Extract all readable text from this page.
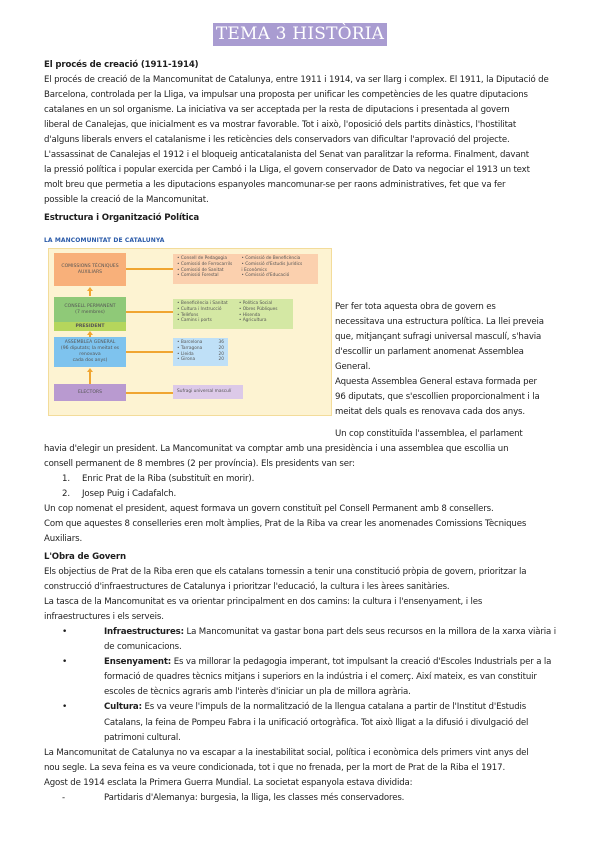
TEMA 3 HISTÒRIA

El procés de creació (1911-1914)

El procés de creació de la Mancomunitat de Catalunya, entre 1911 i 1914, va ser llarg i complex. El 1911, la Diputació de

Barcelona, controlada per la Lliga, va impulsar una proposta per unificar les competències de les quatre diputacions

catalanes en un sol organisme. La iniciativa va ser acceptada per la resta de diputacions i presentada al govern

liberal de Canalejas, que inicialment es va mostrar favorable. Tot i això, l'oposició dels partits dinàstics, l'hostilitat

d'alguns liberals envers el catalanisme i les reticències dels conservadors van dificultar l'aprovació del projecte.

L'assassinat de Canalejas el 1912 i el bloqueig anticatalanista del Senat van paralitzar la reforma. Finalment, davant

la pressió política i popular exercida per Cambó i la Lliga, el govern conservador de Dato va negociar el 1913 un text

molt breu que permetia a les diputacions espanyoles mancomunar-se per raons administratives, fet que va fer

possible la creació de la Mancomunitat.

Estructura i Organització Política

LA MANCOMUNITAT DE CATALUNYA
COMISSIONS TÈCNIQUES
AUXILIARS
• Consell de Pedagogia
• Comissió de Ferrocarrils
• Comissió de Sanitat
• Comissió Forestal

• Comissió de Beneficència
• Comissió d'Estudis Jurídics
i Econòmics
• Comissió d'Educació
CONSELL PERMANENT
(7 membres)
PRESIDENT
• Beneficència i Sanitat
• Cultura i Instrucció
• Telèfons
• Camins i ports

• Política Social
• Obres Públiques
• Hisenda
• Agricultura
ASSEMBLEA GENERAL
(96 diputats; la meitat es renovava
cada dos anys)
• Barcelona	36
• Tarragona	20
• Lleida	20
• Girona	20
ELECTORS	Sufragi universal masculí

Per fer tota aquesta obra de govern es

necessitava una estructura política. La llei preveia

que, mitjançant sufragi universal masculí, s'havia

d'escollir un parlament anomenat Assemblea

General.

Aquesta Assemblea General estava formada per

96 diputats, que s'escollien proporcionalment i la

meitat dels quals es renovava cada dos anys.

Un cop constituïda l'assemblea, el parlament

havia d'elegir un president. La Mancomunitat va comptar amb una presidència i una assemblea que escollia un

consell permanent de 8 membres (2 per província). Els presidents van ser:

1.	Enric Prat de la Riba (substituït en morir).
2.	Josep Puig i Cadafalch.

Un cop nomenat el president, aquest formava un govern constituït pel Consell Permanent amb 8 consellers.

Com que aquestes 8 conselleries eren molt àmplies, Prat de la Riba va crear les anomenades Comissions Tècniques

Auxiliars.

L'Obra de Govern

Els objectius de Prat de la Riba eren que els catalans tornessin a tenir una constitució pròpia de govern, prioritzar la

construcció d'infraestructures de Catalunya i prioritzar l'educació, la cultura i les àrees sanitàries.

La tasca de la Mancomunitat es va orientar principalment en dos camins: la cultura i l'ensenyament, i les

infraestructures i els serveis.

•	Infraestructures: La Mancomunitat va gastar bona part dels seus recursos en la millora de la xarxa viària i
de comunicacions.
•	Ensenyament: Es va millorar la pedagogia imperant, tot impulsant la creació d'Escoles Industrials per a la
formació de quadres tècnics mitjans i superiors en la indústria i el comerç. Així mateix, es van constituir
escoles de tècnics agraris amb l'interès d'iniciar un pla de millora agrària.
•	Cultura: Es va veure l'impuls de la normalització de la llengua catalana a partir de l'Institut d'Estudis
Catalans, la feina de Pompeu Fabra i la unificació ortogràfica. Tot això lligat a la difusió i divulgació del
patrimoni cultural.

La Mancomunitat de Catalunya no va escapar a la inestabilitat social, política i econòmica dels primers vint anys del

nou segle. La seva feina es va veure condicionada, tot i que no frenada, per la mort de Prat de la Riba el 1917.

Agost de 1914 esclata la Primera Guerra Mundial. La societat espanyola estava dividida:

-	Partidaris d'Alemanya: burgesia, la lliga, les classes més conservadores.
